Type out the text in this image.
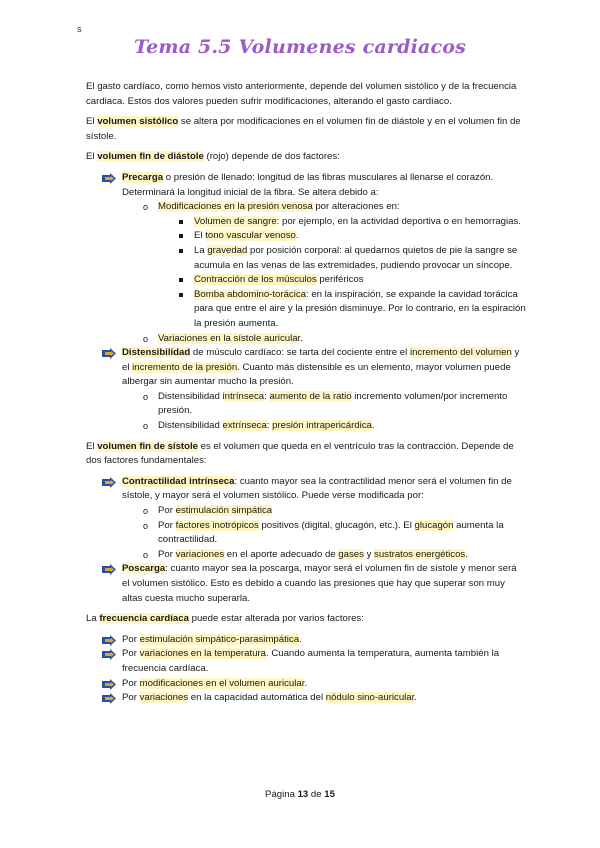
s
Tema 5.5 Volumenes cardiacos

El gasto cardíaco, como hemos visto anteriormente, depende del volumen sistólico y de la frecuencia cardiaca. Estos dos valores pueden sufrir modificaciones, alterando el gasto cardíaco.

El volumen sistólico se altera por modificaciones en el volumen fin de diástole y en el volumen fin de sístole.

El volumen fin de diástole (rojo) depende de dos factores:

Precarga o presión de llenado: longitud de las fibras musculares al llenarse el corazón. Determinará la longitud inicial de la fibra. Se altera debido a:
o Modificaciones en la presión venosa por alteraciones en:
Volumen de sangre: por ejemplo, en la actividad deportiva o en hemorragias.
El tono vascular venoso.
La gravedad por posición corporal: al quedarnos quietos de pie la sangre se acumula en las venas de las extremidades, pudiendo provocar un síncope.
Contracción de los músculos periféricos
Bomba abdomino-torácica: en la inspiración, se expande la cavidad torácica para que entre el aire y la presión disminuye. Por lo contrario, en la espiración la presión aumenta.
o Variaciones en la sístole auricular.
Distensibilidad de músculo cardíaco: se tarta del cociente entre el incremento del volumen y el incremento de la presión. Cuanto más distensible es un elemento, mayor volumen puede albergar sin aumentar mucho la presión.
o Distensibilidad intrínseca: aumento de la ratio incremento volumen/por incremento presión.
o Distensibilidad extrínseca: presión intrapericárdica.

El volumen fin de sístole es el volumen que queda en el ventrículo tras la contracción. Depende de dos factores fundamentales:

Contractilidad intrínseca: cuanto mayor sea la contractilidad menor será el volumen fin de sístole, y mayor será el volumen sistólico. Puede verse modificada por:
o Por estimulación simpática
o Por factores inotrópicos positivos (digital, glucagón, etc.). El glucagón aumenta la contractilidad.
o Por variaciones en el aporte adecuado de gases y sustratos energéticos.
Poscarga: cuanto mayor sea la poscarga, mayor será el volumen fin de sístole y menor será el volumen sistólico. Esto es debido a cuando las presiones que hay que superar son muy altas cuesta mucho superarla.

La frecuencia cardíaca puede estar alterada por varios factores:

Por estimulación simpático-parasimpática.
Por variaciones en la temperatura. Cuando aumenta la temperatura, aumenta también la frecuencia cardíaca.
Por modificaciones en el volumen auricular.
Por variaciones en la capacidad automática del nódulo sino-auricular.
Página 13 de 15
